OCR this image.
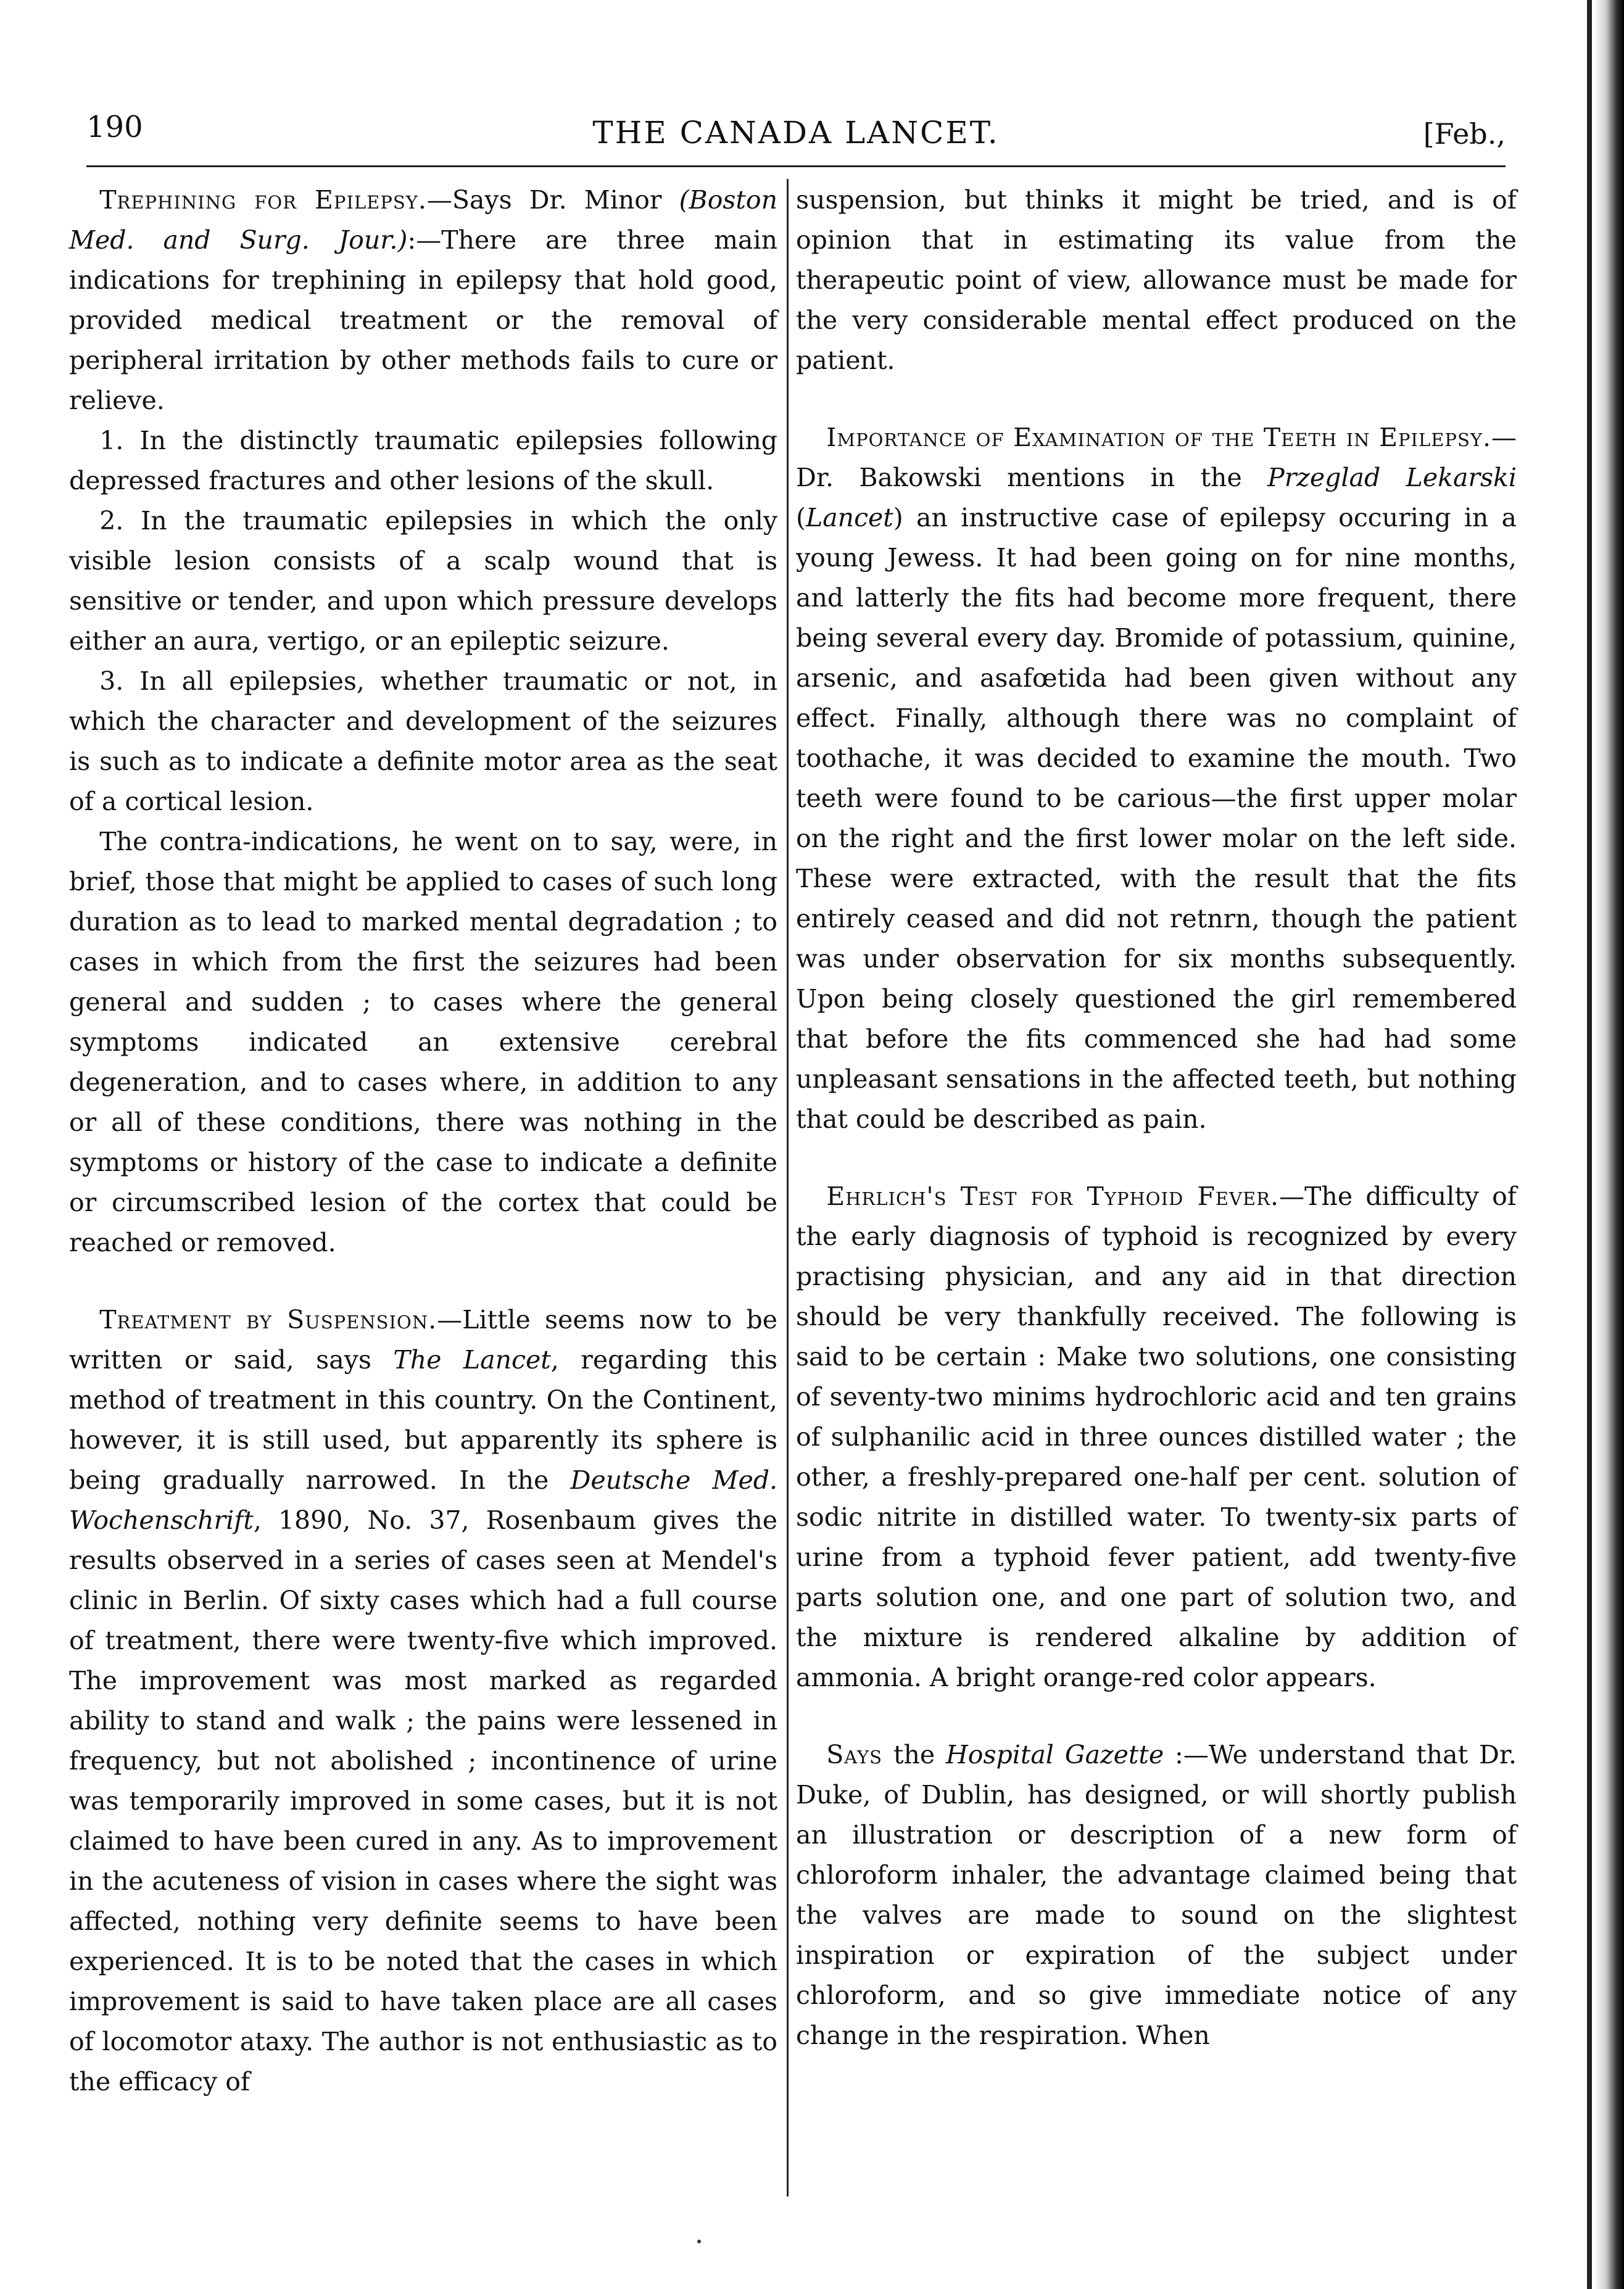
190	THE CANADA LANCET.	[Feb.,

Trephining for Epilepsy.—Says Dr. Minor (Boston Med. and Surg. Jour.):—There are three main indications for trephining in epilepsy that hold good, provided medical treatment or the removal of peripheral irritation by other methods fails to cure or relieve.

1. In the distinctly traumatic epilepsies following depressed fractures and other lesions of the skull.

2. In the traumatic epilepsies in which the only visible lesion consists of a scalp wound that is sensitive or tender, and upon which pressure develops either an aura, vertigo, or an epileptic seizure.

3. In all epilepsies, whether traumatic or not, in which the character and development of the seizures is such as to indicate a definite motor area as the seat of a cortical lesion.

The contra-indications, he went on to say, were, in brief, those that might be applied to cases of such long duration as to lead to marked mental degradation ; to cases in which from the first the seizures had been general and sudden ; to cases where the general symptoms indicated an extensive cerebral degeneration, and to cases where, in addition to any or all of these conditions, there was nothing in the symptoms or history of the case to indicate a definite or circumscribed lesion of the cortex that could be reached or removed.

Treatment by Suspension.—Little seems now to be written or said, says The Lancet, regarding this method of treatment in this country. On the Continent, however, it is still used, but apparently its sphere is being gradually narrowed. In the Deutsche Med. Wochenschrift, 1890, No. 37, Rosenbaum gives the results observed in a series of cases seen at Mendel's clinic in Berlin. Of sixty cases which had a full course of treatment, there were twenty-five which improved. The improvement was most marked as regarded ability to stand and walk ; the pains were lessened in frequency, but not abolished ; incontinence of urine was temporarily improved in some cases, but it is not claimed to have been cured in any. As to improvement in the acuteness of vision in cases where the sight was affected, nothing very definite seems to have been experienced. It is to be noted that the cases in which improvement is said to have taken place are all cases of locomotor ataxy. The author is not enthusiastic as to the efficacy of

suspension, but thinks it might be tried, and is of opinion that in estimating its value from the therapeutic point of view, allowance must be made for the very considerable mental effect produced on the patient.

Importance of Examination of the Teeth in Epilepsy.—Dr. Bakowski mentions in the Przeglad Lekarski (Lancet) an instructive case of epilepsy occuring in a young Jewess. It had been going on for nine months, and latterly the fits had become more frequent, there being several every day. Bromide of potassium, quinine, arsenic, and asafœtida had been given without any effect. Finally, although there was no complaint of toothache, it was decided to examine the mouth. Two teeth were found to be carious—the first upper molar on the right and the first lower molar on the left side. These were extracted, with the result that the fits entirely ceased and did not retnrn, though the patient was under observation for six months subsequently. Upon being closely questioned the girl remembered that before the fits commenced she had had some unpleasant sensations in the affected teeth, but nothing that could be described as pain.

Ehrlich's Test for Typhoid Fever.—The difficulty of the early diagnosis of typhoid is recognized by every practising physician, and any aid in that direction should be very thankfully received. The following is said to be certain : Make two solutions, one consisting of seventy-two minims hydrochloric acid and ten grains of sulphanilic acid in three ounces distilled water ; the other, a freshly-prepared one-half per cent. solution of sodic nitrite in distilled water. To twenty-six parts of urine from a typhoid fever patient, add twenty-five parts solution one, and one part of solution two, and the mixture is rendered alkaline by addition of ammonia. A bright orange-red color appears.

Says the Hospital Gazette :—We understand that Dr. Duke, of Dublin, has designed, or will shortly publish an illustration or description of a new form of chloroform inhaler, the advantage claimed being that the valves are made to sound on the slightest inspiration or expiration of the subject under chloroform, and so give immediate notice of any change in the respiration. When
